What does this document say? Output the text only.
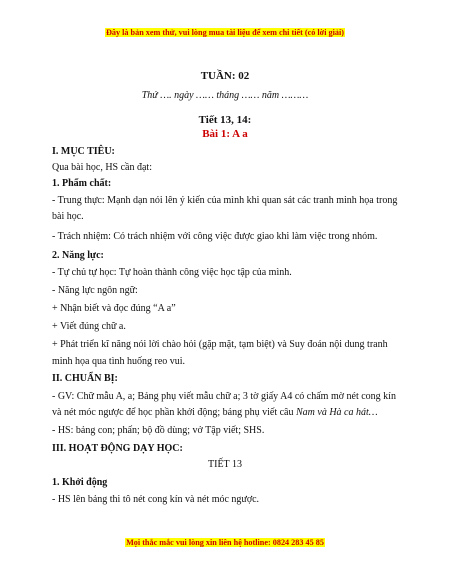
Đây là bản xem thử, vui lòng mua tài liệu để xem chi tiết (có lời giải)
TUẦN: 02
Thứ …. ngày …… tháng …… năm ………
Tiết 13, 14:
Bài 1: A a
I. MỤC TIÊU:
Qua bài học, HS cần đạt:
1. Phẩm chất:
- Trung thực: Mạnh dạn nói lên ý kiến của mình khi quan sát các tranh minh họa trong
bài học.
- Trách nhiệm: Có trách nhiệm với công việc được giao khi làm việc trong nhóm.
2. Năng lực:
- Tự chủ tự học: Tự hoàn thành công việc học tập của mình.
- Năng lực ngôn ngữ:
+ Nhận biết và đọc đúng “A a”
+ Viết đúng chữ a.
+ Phát triển kĩ năng nói lời chào hỏi (gặp mặt, tạm biệt) và Suy đoán nội dung tranh
minh họa qua tình huống reo vui.
II. CHUẨN BỊ:
- GV: Chữ mẫu A, a; Bảng phụ viết mẫu chữ a; 3 tờ giấy A4 có chấm mờ nét cong kín
và nét móc ngược để học phần khởi động; bảng phụ viết câu Nam và Hà ca hát…
- HS: bảng con; phấn; bộ đồ dùng; vở Tập viết; SHS.
III. HOẠT ĐỘNG DẠY HỌC:
TIẾT 13
1. Khởi động
- HS lên bảng thi tô nét cong kín và nét móc ngược.
Mọi thắc mắc vui lòng xin liên hệ hotline: 0824 283 45 85
